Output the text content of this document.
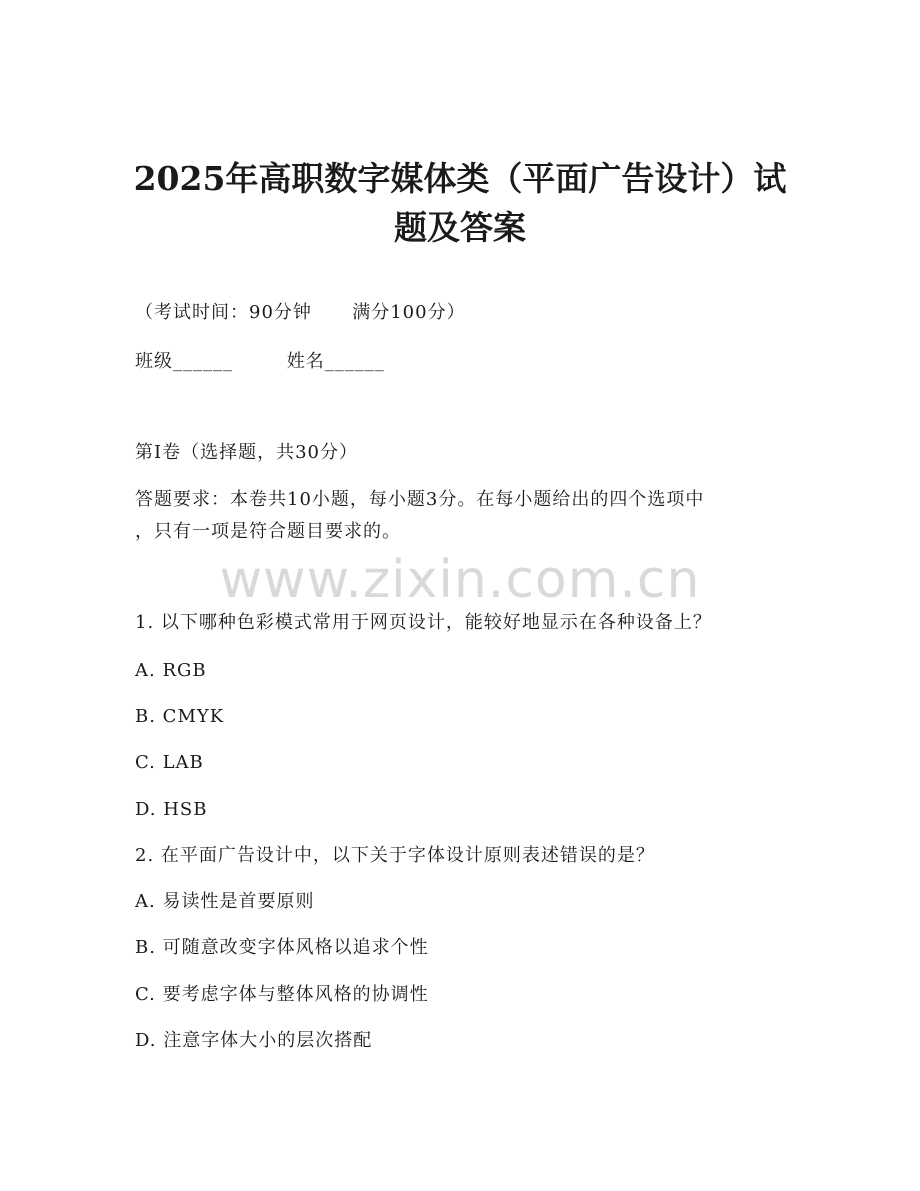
2025年高职数字媒体类（平面广告设计）试
题及答案
（考试时间：90分钟      满分100分）
班级______        姓名______
第Ⅰ卷（选择题，共30分）
答题要求：本卷共10小题，每小题3分。在每小题给出的四个选项中
，只有一项是符合题目要求的。
www.zixin.com.cn
1. 以下哪种色彩模式常用于网页设计，能较好地显示在各种设备上？
A. RGB
B. CMYK
C. LAB
D. HSB
2. 在平面广告设计中，以下关于字体设计原则表述错误的是？
A. 易读性是首要原则
B. 可随意改变字体风格以追求个性
C. 要考虑字体与整体风格的协调性
D. 注意字体大小的层次搭配
